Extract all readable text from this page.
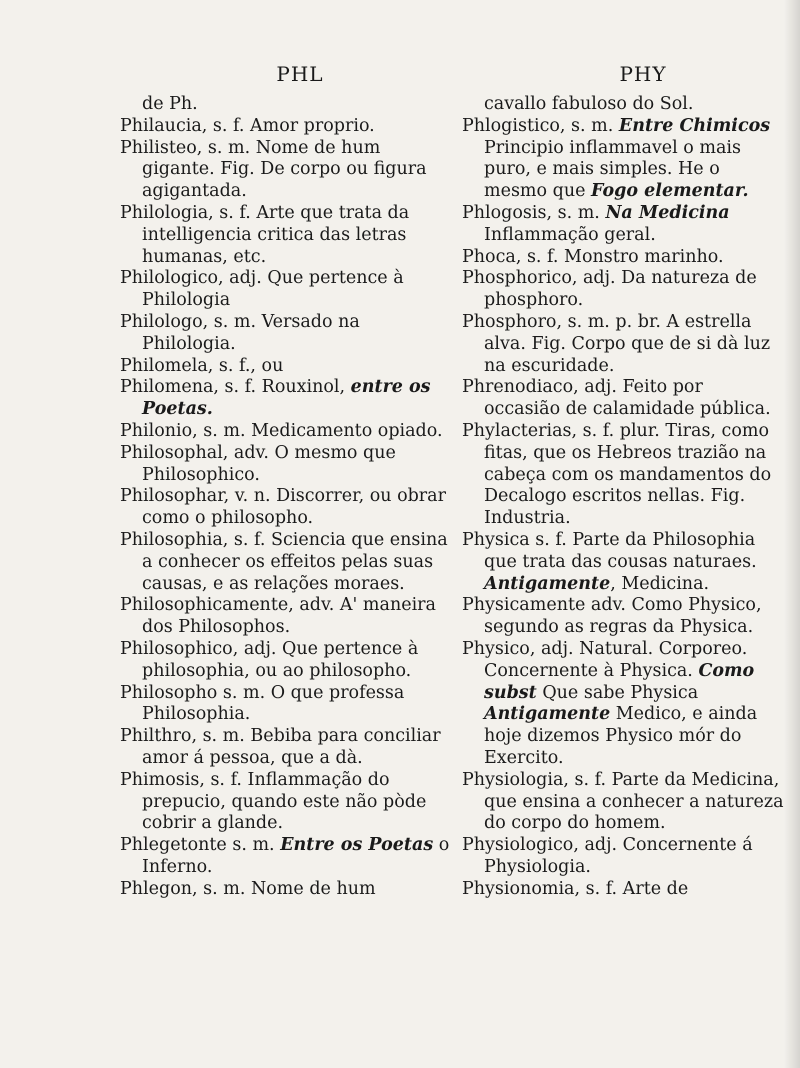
PHL

de Ph.

Philaucia, s. f. Amor proprio.

Philisteo, s. m. Nome de hum gigante. Fig. De corpo ou figura agigantada.

Philologia, s. f. Arte que trata da intelligencia critica das letras humanas, etc.

Philologico, adj. Que pertence à Philologia

Philologo, s. m. Versado na Philologia.

Philomela, s. f., ou

Philomena, s. f. Rouxinol, entre os Poetas.

Philonio, s. m. Medicamento opiado.

Philosophal, adv. O mesmo que Philosophico.

Philosophar, v. n. Discorrer, ou obrar como o philosopho.

Philosophia, s. f. Sciencia que ensina a conhecer os effeitos pelas suas causas, e as relações moraes.

Philosophicamente, adv. A' maneira dos Philosophos.

Philosophico, adj. Que pertence à philosophia, ou ao philosopho.

Philosopho s. m. O que professa Philosophia.

Philthro, s. m. Bebiba para conciliar amor á pessoa, que a dà.

Phimosis, s. f. Inflammação do prepucio, quando este não pòde cobrir a glande.

Phlegetonte s. m. Entre os Poetas o Inferno.

Phlegon, s. m. Nome de hum

PHY

cavallo fabuloso do Sol.

Phlogistico, s. m. Entre Chimicos Principio inflammavel o mais puro, e mais simples. He o mesmo que Fogo elementar.

Phlogosis, s. m. Na Medicina Inflammação geral.

Phoca, s. f. Monstro marinho.

Phosphorico, adj. Da natureza de phosphoro.

Phosphoro, s. m. p. br. A estrella alva. Fig. Corpo que de si dà luz na escuridade.

Phrenodiaco, adj. Feito por occasião de calamidade pública.

Phylacterias, s. f. plur. Tiras, como fitas, que os Hebreos trazião na cabeça com os mandamentos do Decalogo escritos nellas. Fig. Industria.

Physica s. f. Parte da Philosophia que trata das cousas naturaes. Antigamente, Medicina.

Physicamente adv. Como Physico, segundo as regras da Physica.

Physico, adj. Natural. Corporeo. Concernente à Physica. Como subst Que sabe Physica Antigamente Medico, e ainda hoje dizemos Physico mór do Exercito.

Physiologia, s. f. Parte da Medicina, que ensina a conhecer a natureza do corpo do homem.

Physiologico, adj. Concernente á Physiologia.

Physionomia, s. f. Arte de
